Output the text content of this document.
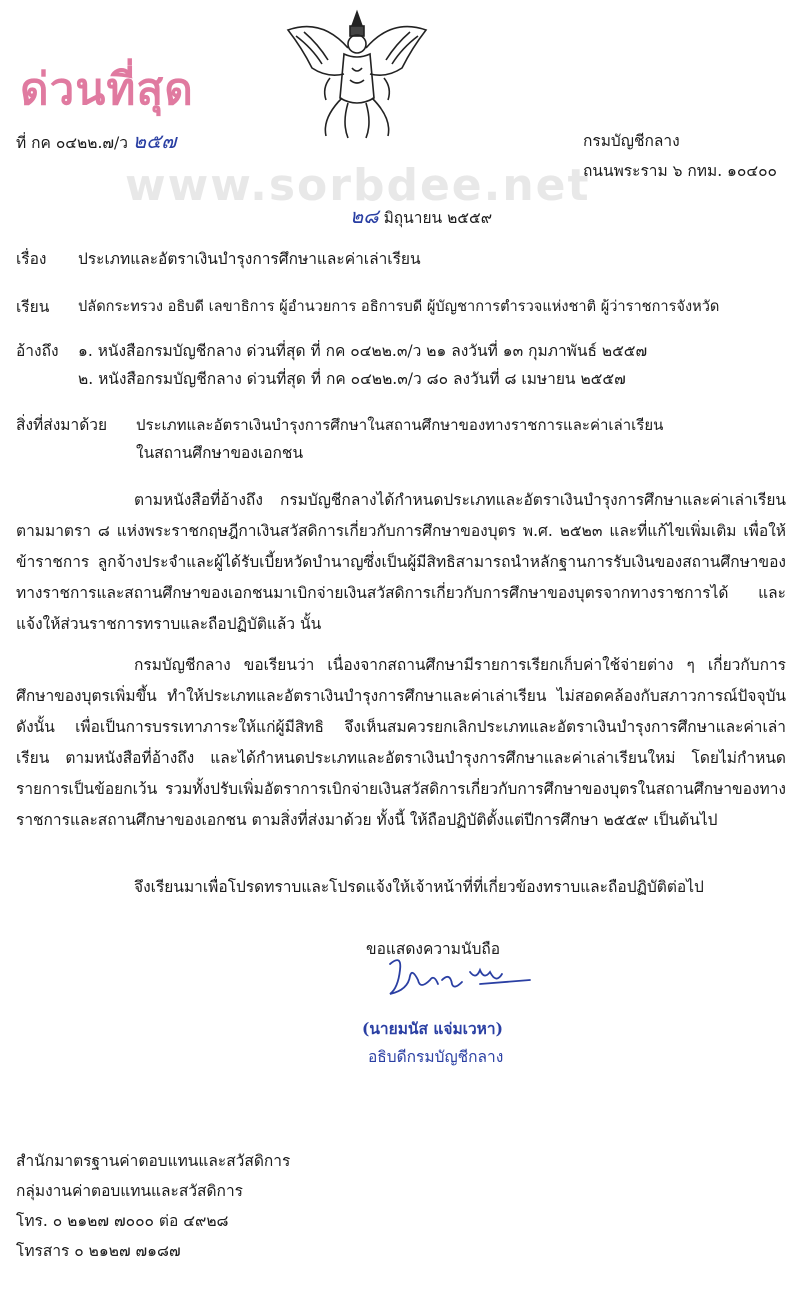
ด่วนที่สุด
ที่ กค ๐๔๒๒.๗/ว ๒๕๗	กรมบัญชีกลาง
ถนนพระราม ๖ กทม. ๑๐๔๐๐
www.sorbdee.net
๒๘ มิถุนายน ๒๕๕๙
เรื่อง ประเภทและอัตราเงินบำรุงการศึกษาและค่าเล่าเรียน
เรียน ปลัดกระทรวง อธิบดี เลขาธิการ ผู้อำนวยการ อธิการบดี ผู้บัญชาการตำรวจแห่งชาติ ผู้ว่าราชการจังหวัด
อ้างถึง ๑. หนังสือกรมบัญชีกลาง ด่วนที่สุด ที่ กค ๐๔๒๒.๓/ว ๒๑ ลงวันที่ ๑๓ กุมภาพันธ์ ๒๕๕๗
๒. หนังสือกรมบัญชีกลาง ด่วนที่สุด ที่ กค ๐๔๒๒.๓/ว ๘๐ ลงวันที่ ๘ เมษายน ๒๕๕๗
สิ่งที่ส่งมาด้วย ประเภทและอัตราเงินบำรุงการศึกษาในสถานศึกษาของทางราชการและค่าเล่าเรียน
ในสถานศึกษาของเอกชน
ตามหนังสือที่อ้างถึง กรมบัญชีกลางได้กำหนดประเภทและอัตราเงินบำรุงการศึกษาและค่าเล่าเรียน ตามมาตรา ๘ แห่งพระราชกฤษฎีกาเงินสวัสดิการเกี่ยวกับการศึกษาของบุตร พ.ศ. ๒๕๒๓ และที่แก้ไขเพิ่มเติม เพื่อให้ข้าราชการ ลูกจ้างประจำและผู้ได้รับเบี้ยหวัดบำนาญซึ่งเป็นผู้มีสิทธิสามารถนำหลักฐานการรับเงินของสถานศึกษาของทางราชการและสถานศึกษาของเอกชนมาเบิกจ่ายเงินสวัสดิการเกี่ยวกับการศึกษาของบุตรจากทางราชการได้ และแจ้งให้ส่วนราชการทราบและถือปฏิบัติแล้ว นั้น
กรมบัญชีกลาง ขอเรียนว่า เนื่องจากสถานศึกษามีรายการเรียกเก็บค่าใช้จ่ายต่าง ๆ เกี่ยวกับการศึกษาของบุตรเพิ่มขึ้น ทำให้ประเภทและอัตราเงินบำรุงการศึกษาและค่าเล่าเรียน ไม่สอดคล้องกับสภาวการณ์ปัจจุบัน ดังนั้น เพื่อเป็นการบรรเทาภาระให้แก่ผู้มีสิทธิ จึงเห็นสมควรยกเลิกประเภทและอัตราเงินบำรุงการศึกษาและค่าเล่าเรียน ตามหนังสือที่อ้างถึง และได้กำหนดประเภทและอัตราเงินบำรุงการศึกษาและค่าเล่าเรียนใหม่ โดยไม่กำหนดรายการเป็นข้อยกเว้น รวมทั้งปรับเพิ่มอัตราการเบิกจ่ายเงินสวัสดิการเกี่ยวกับการศึกษาของบุตรในสถานศึกษาของทางราชการและสถานศึกษาของเอกชน ตามสิ่งที่ส่งมาด้วย ทั้งนี้ ให้ถือปฏิบัติตั้งแต่ปีการศึกษา ๒๕๕๙ เป็นต้นไป
จึงเรียนมาเพื่อโปรดทราบและโปรดแจ้งให้เจ้าหน้าที่ที่เกี่ยวข้องทราบและถือปฏิบัติต่อไป
ขอแสดงความนับถือ
(นายมนัส แจ่มเวหา)
อธิบดีกรมบัญชีกลาง
สำนักมาตรฐานค่าตอบแทนและสวัสดิการ
กลุ่มงานค่าตอบแทนและสวัสดิการ
โทร. ๐ ๒๑๒๗ ๗๐๐๐ ต่อ ๔๙๒๘
โทรสาร ๐ ๒๑๒๗ ๗๑๘๗
